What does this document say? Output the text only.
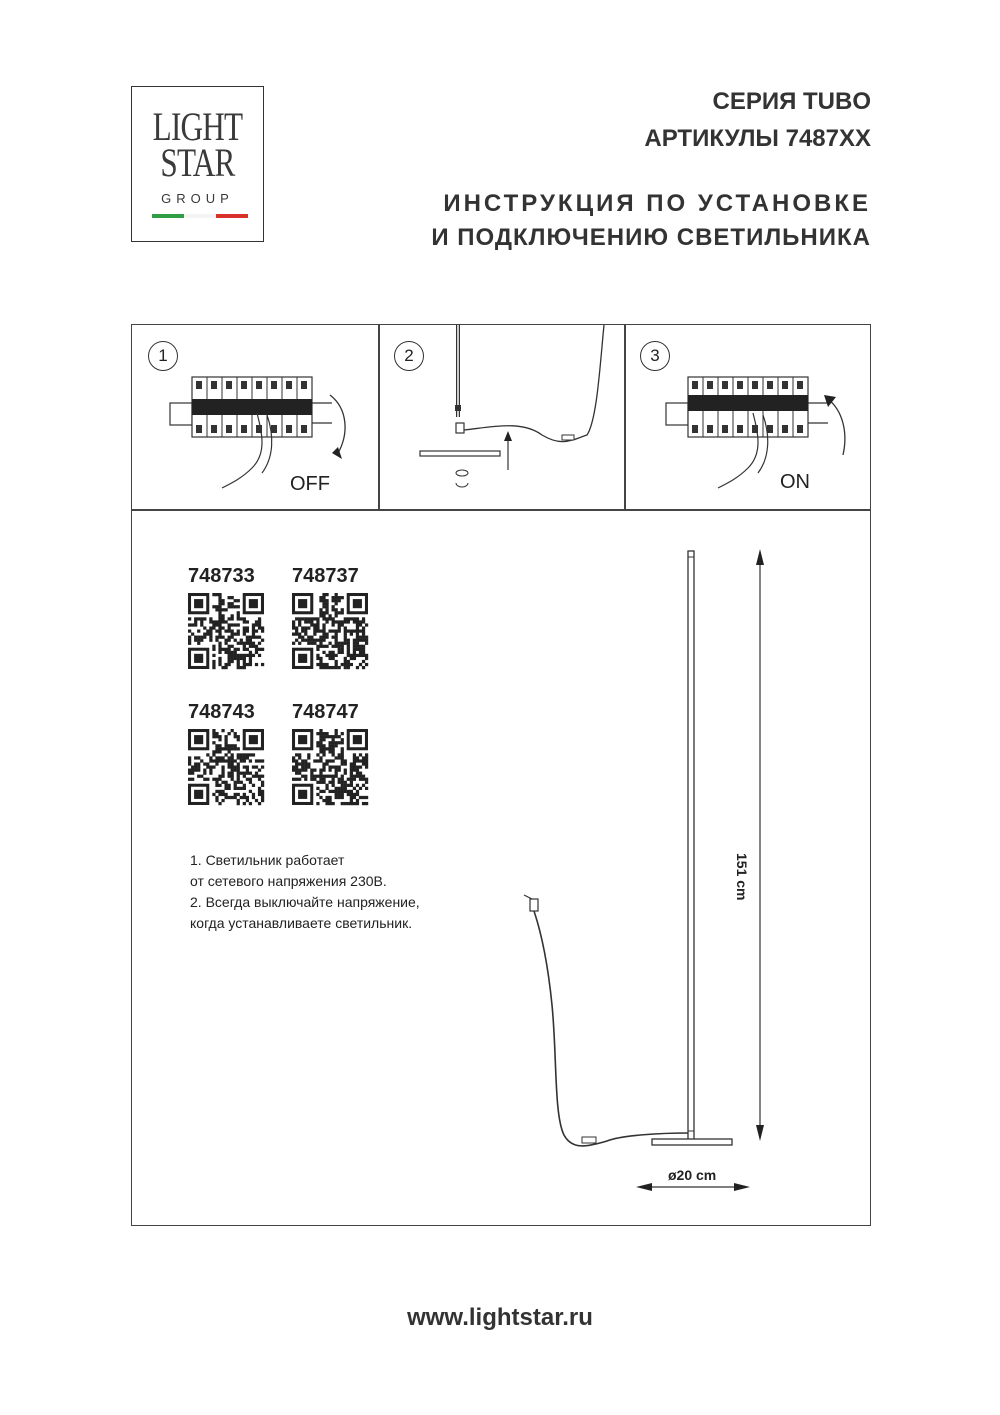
LIGHT
STAR
GROUP
СЕРИЯ TUBO
АРТИКУЛЫ 7487XX
ИНСТРУКЦИЯ ПО УСТАНОВКЕ
И ПОДКЛЮЧЕНИЮ СВЕТИЛЬНИКА
1
OFF
2	3
ON
748733 748737
748743 748747
1. Светильник работает
от сетевого напряжения 230В.
2. Всегда выключайте напряжение,
когда устанавливаете светильник.
151 cm
ø20 cm
www.lightstar.ru
